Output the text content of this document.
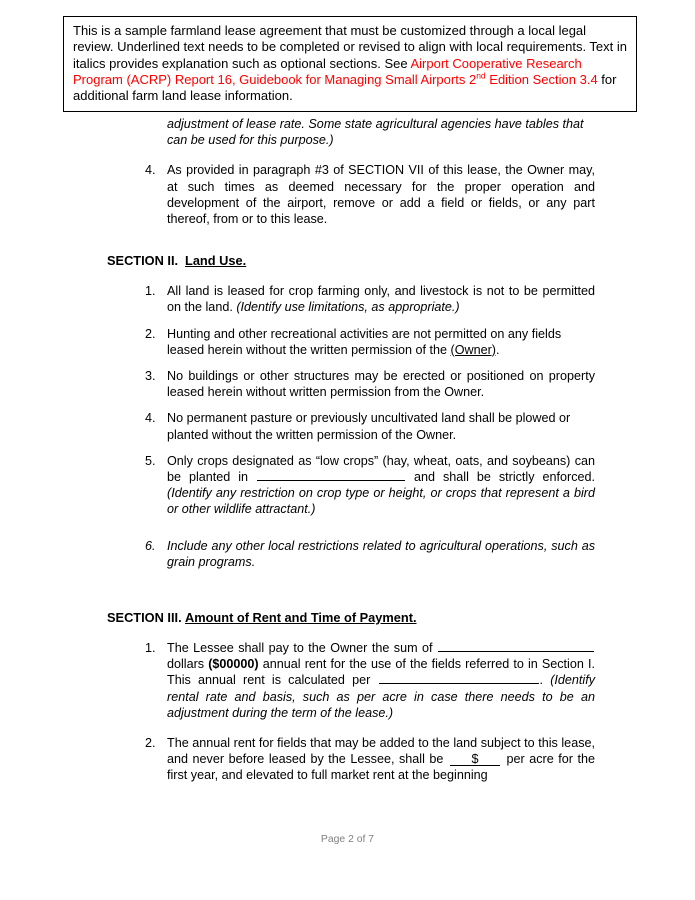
This is a sample farmland lease agreement that must be customized through a local legal review. Underlined text needs to be completed or revised to align with local requirements. Text in italics provides explanation such as optional sections. See Airport Cooperative Research Program (ACRP) Report 16, Guidebook for Managing Small Airports 2nd Edition Section 3.4 for additional farm land lease information.

adjustment of lease rate. Some state agricultural agencies have tables that can be used for this purpose.)

4. As provided in paragraph #3 of SECTION VII of this lease, the Owner may, at such times as deemed necessary for the proper operation and development of the airport, remove or add a field or fields, or any part thereof, from or to this lease.
SECTION II. Land Use.
1. All land is leased for crop farming only, and livestock is not to be permitted on the land. (Identify use limitations, as appropriate.)
2. Hunting and other recreational activities are not permitted on any fields leased herein without the written permission of the (Owner).
3. No buildings or other structures may be erected or positioned on property leased herein without written permission from the Owner.
4. No permanent pasture or previously uncultivated land shall be plowed or planted without the written permission of the Owner.
5. Only crops designated as “low crops” (hay, wheat, oats, and soybeans) can be planted in	and shall be strictly enforced. (Identify any restriction on crop type or height, or crops that represent a bird or other wildlife attractant.)
6. Include any other local restrictions related to agricultural operations, such as grain programs.
SECTION III. Amount of Rent and Time of Payment.
1. The Lessee shall pay to the Owner the sum of  dollars ($00000) annual rent for the use of the fields referred to in Section I. This annual rent is calculated per	. (Identify rental rate and basis, such as per acre in case there needs to be an adjustment during the term of the lease.)
2. The annual rent for fields that may be added to the land subject to this lease, and never before leased by the Lessee, shall be $ per acre for the first year, and elevated to full market rent at the beginning
Page 2 of 7
